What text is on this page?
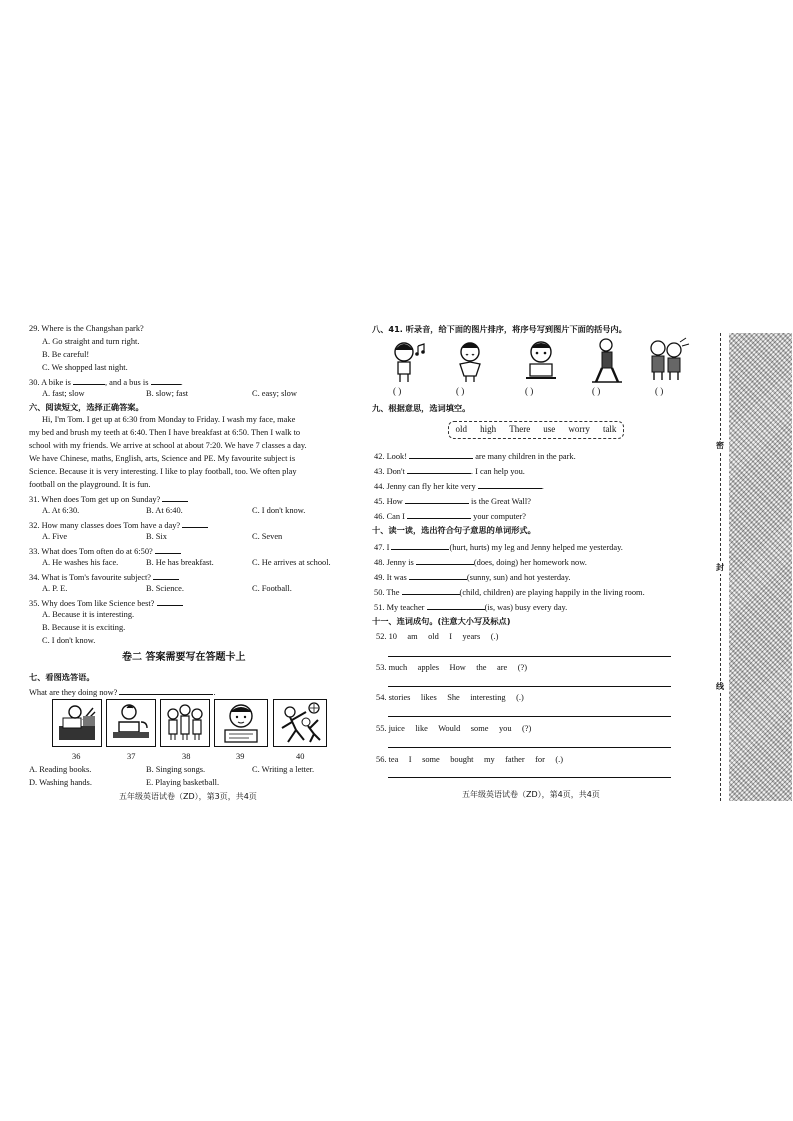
29. Where is the Changshan park?
A. Go straight and turn right.
B. Be careful!
C. We shopped last night.
30. A bike is	, and a bus is	.
A. fast; slow	B. slow; fast	C. easy; slow
六、阅读短文，选择正确答案。
Hi, I'm Tom. I get up at 6:30 from Monday to Friday. I wash my face, make
my bed and brush my teeth at 6:40. Then I have breakfast at 6:50. Then I walk to
school with my friends. We arrive at school at about 7:20. We have 7 classes a day.
We have Chinese, maths, English, arts, Science and PE. My favourite subject is
Science. Because it is very interesting. I like to play football, too. We often play
football on the playground. It is fun.
31. When does Tom get up on Sunday?
A. At 6:30.	B. At 6:40.	C. I don't know.
32. How many classes does Tom have a day?
A. Five	B. Six	C. Seven
33. What does Tom often do at 6:50?
A. He washes his face.	B. He has breakfast.	C. He arrives at school.
34. What is Tom's favourite subject?
A. P. E.	B. Science.	C. Football.
35. Why does Tom like Science best?
A. Because it is interesting.
B. Because it is exciting.
C. I don't know.
卷二 答案需要写在答题卡上
七、看图选答语。
What are they doing now?	.
36	37	38	39	40
A. Reading books.	B. Singing songs.	C. Writing a letter.
D. Washing hands.	E. Playing basketball.
五年级英语试卷（ZD），第3页，共4页
八、41. 听录音，给下面的图片排序，将序号写到图片下面的括号内。
( )	( )	( )	( )	( )
九、根据意思，选词填空。
old high There use worry talk
42. Look!	are many children in the park.
43. Don't	. I can help you.
44. Jenny can fly her kite very	.
45. How	is the Great Wall?
46. Can I	your computer?
十、读一读，选出符合句子意思的单词形式。
47. I	(hurt, hurts) my leg and Jenny helped me yesterday.
48. Jenny is	(does, doing) her homework now.
49. It was	(sunny, sun) and hot yesterday.
50. The	(child, children) are playing happily in the living room.
51. My teacher	(is, was) busy every day.
十一、连词成句。(注意大小写及标点)
52. 10 am old I years (.)
53. much apples How the are (?)
54. stories likes She interesting (.)
55. juice like Would some you (?)
56. tea I some bought my father for (.)
五年级英语试卷（ZD），第4页，共4页
密
封
线
